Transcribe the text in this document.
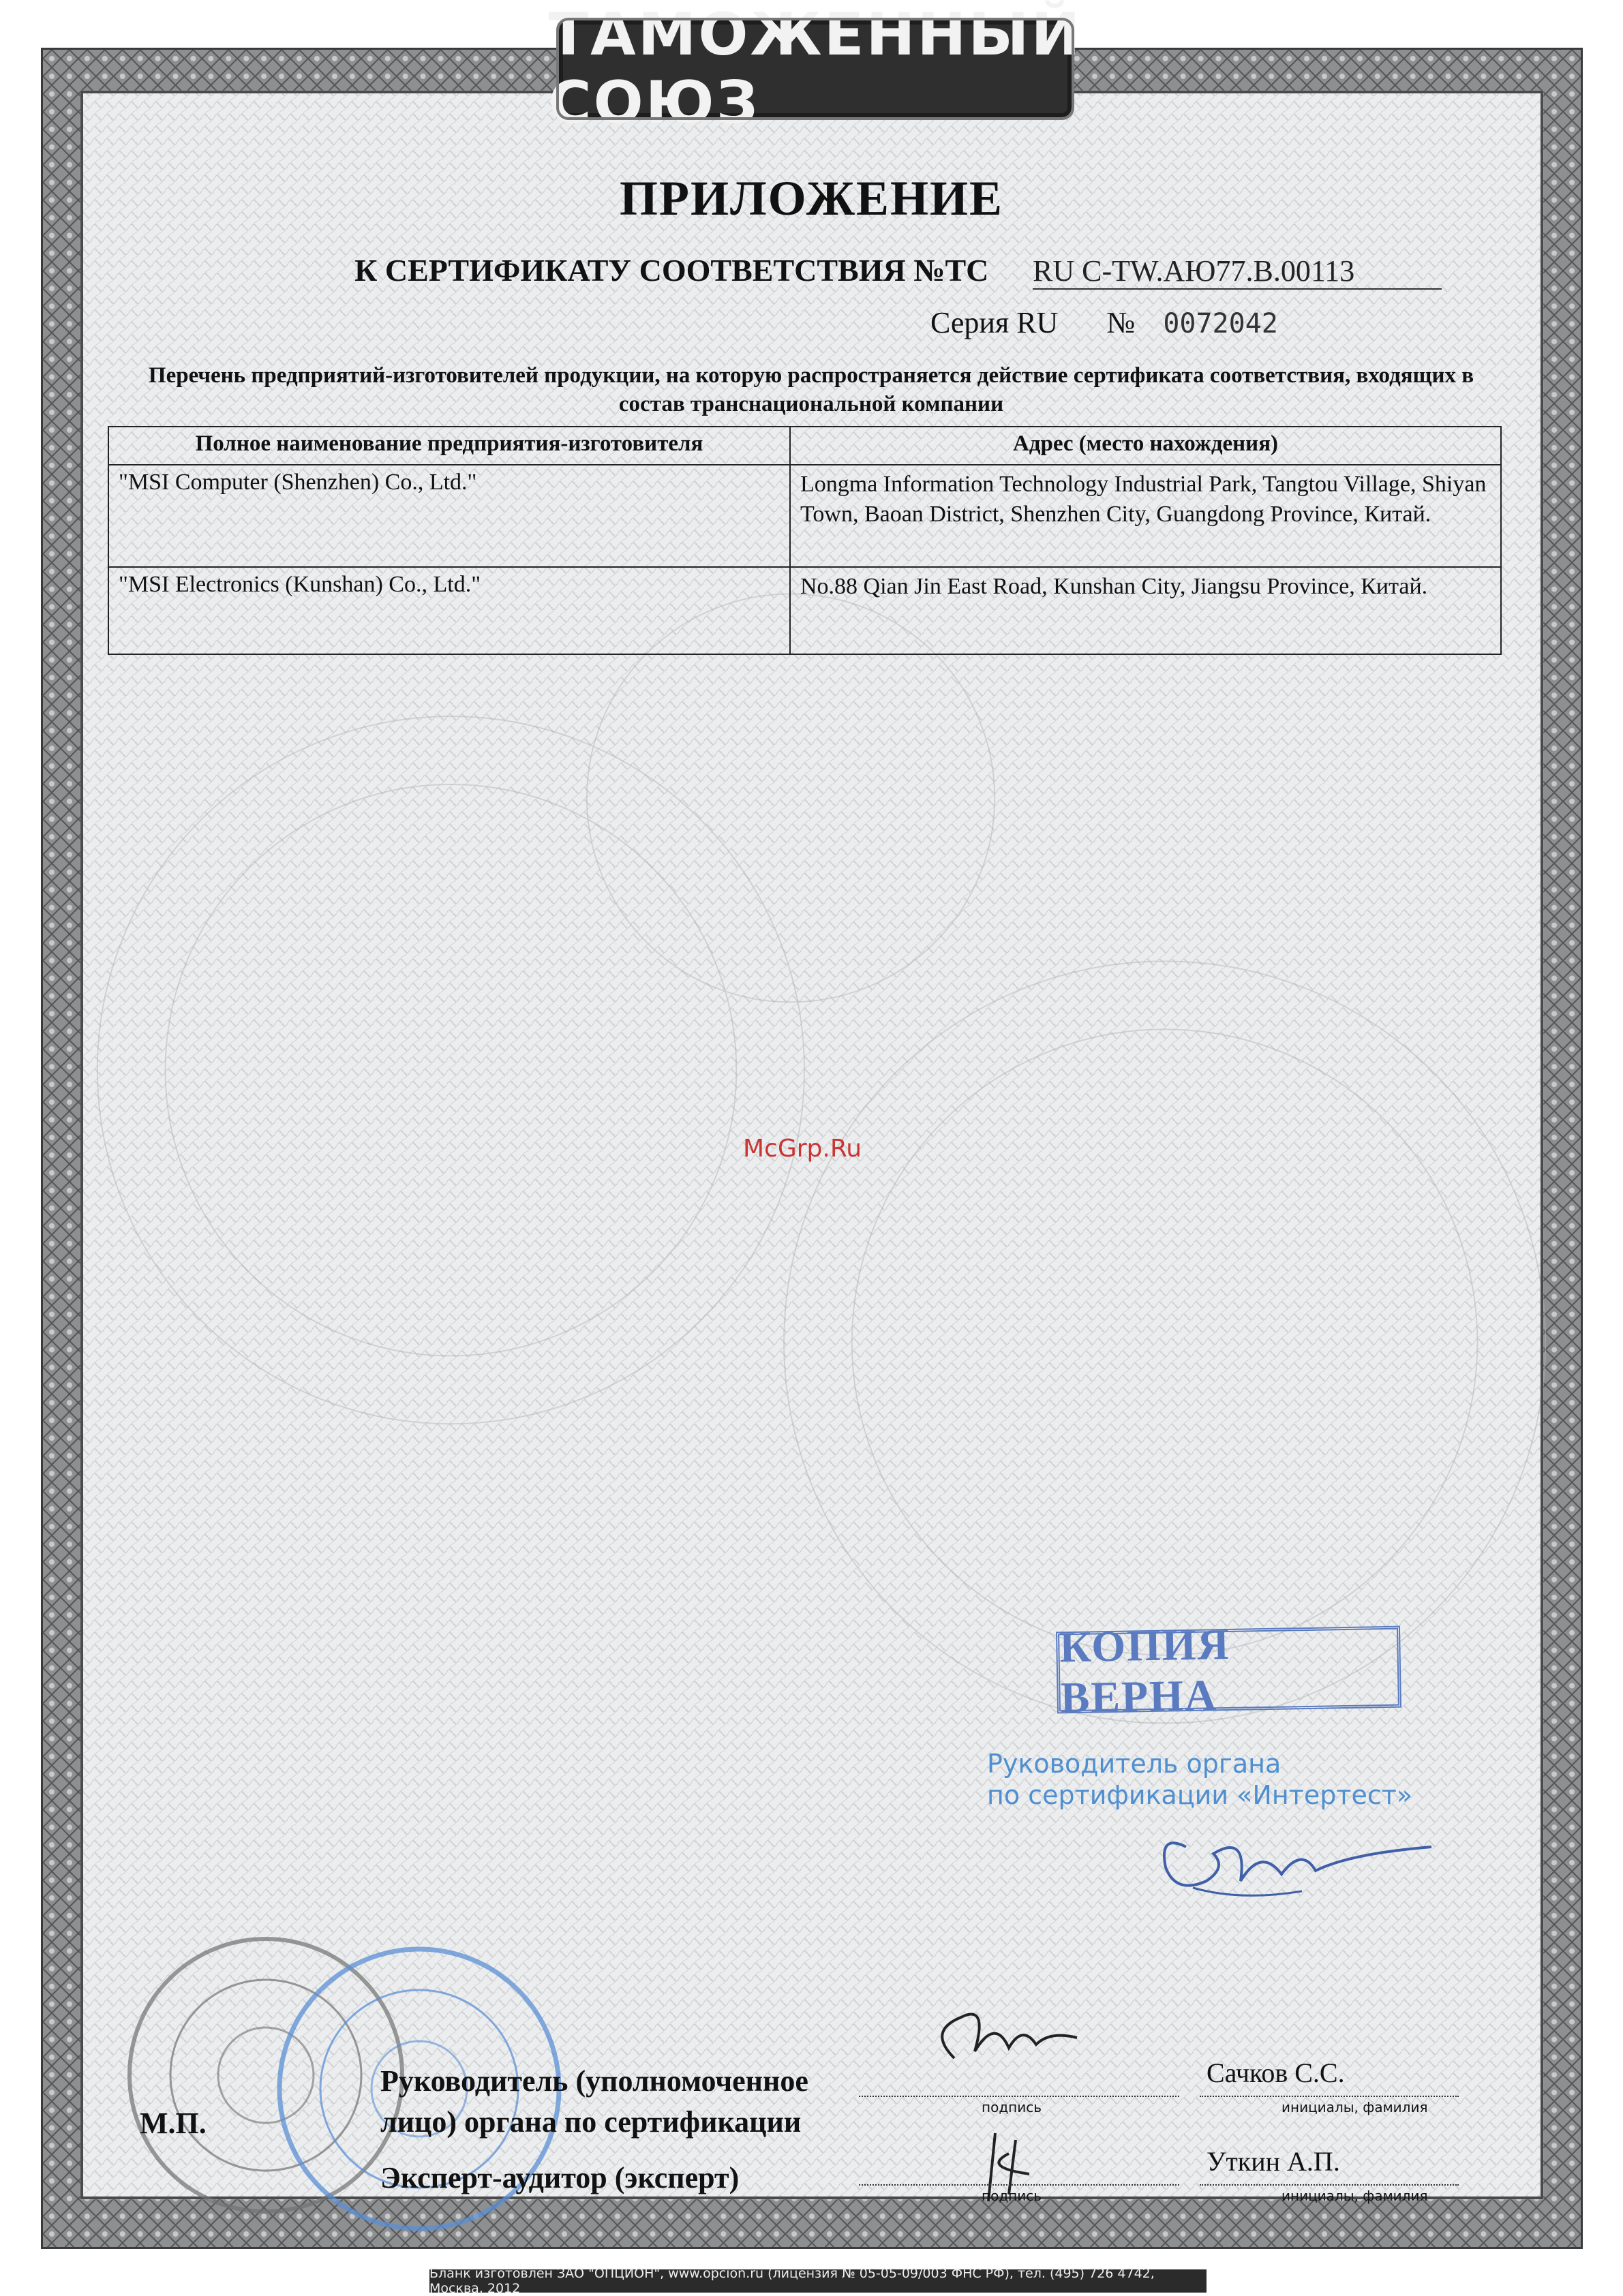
ТАМОЖЕННЫЙ СОЮЗ
ПРИЛОЖЕНИЕ
К СЕРТИФИКАТУ СООТВЕТСТВИЯ №ТС RU C-TW.АЮ77.B.00113
Серия RU № 0072042
Перечень предприятий-изготовителей продукции, на которую распространяется действие сертификата соответствия, входящих в состав транснациональной компании
Полное наименование предприятия-изготовителя	Адрес (место нахождения)
"MSI Computer (Shenzhen) Co., Ltd."	Longma Information Technology Industrial Park, Tangtou Village, Shiyan Town, Baoan District, Shenzhen City, Guangdong Province, Китай.
"MSI Electronics (Kunshan) Co., Ltd."	No.88 Qian Jin East Road, Kunshan City, Jiangsu Province, Китай.
McGrp.Ru
КОПИЯ ВЕРНА
Руководитель органа
по сертификации «Интертест»
М.П.
Руководитель (уполномоченное
лицо) органа по сертификации
Эксперт-аудитор (эксперт)
подпись
Сачков С.С.
инициалы, фамилия
подпись
Уткин А.П.
инициалы, фамилия
Бланк изготовлен ЗАО "ОПЦИОН", www.opcion.ru (лицензия № 05-05-09/003 ФНС РФ), тел. (495) 726 4742, Москва, 2012
